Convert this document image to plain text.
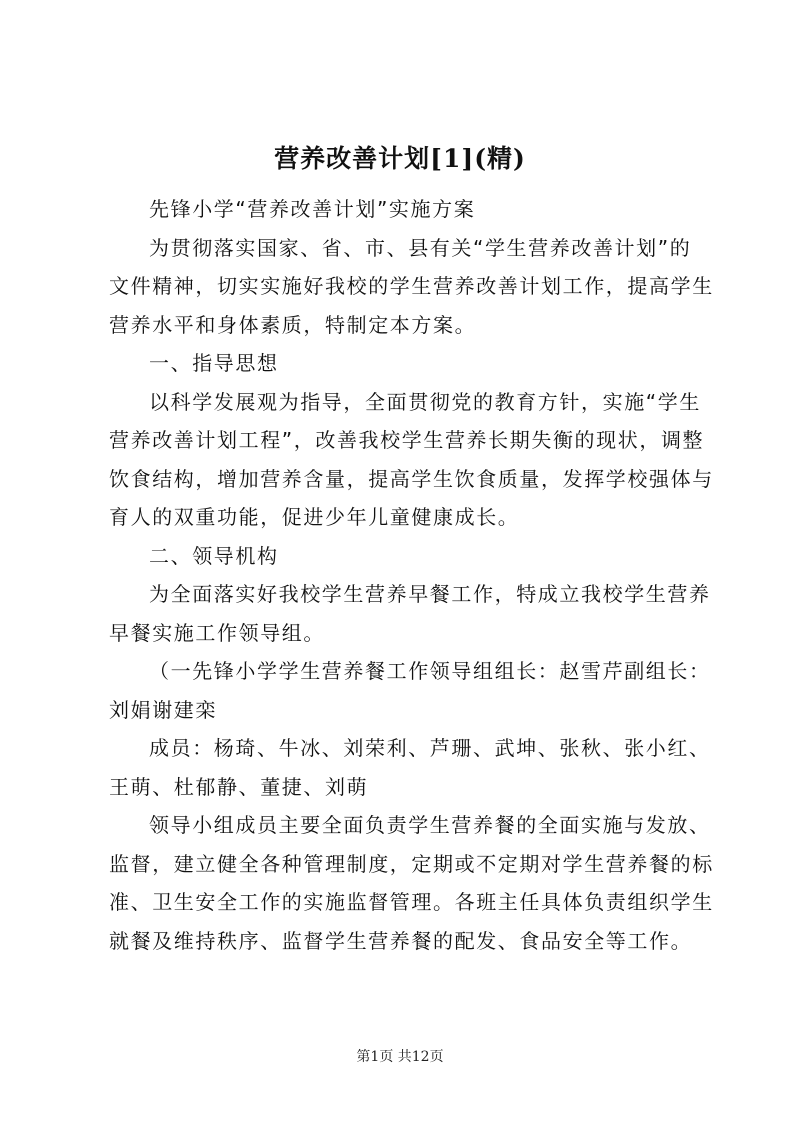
营养改善计划[1](精)
先锋小学“营养改善计划”实施方案
为贯彻落实国家、省、市、县有关“学生营养改善计划”的
文件精神，切实实施好我校的学生营养改善计划工作，提高学生
营养水平和身体素质，特制定本方案。
一、指导思想
以科学发展观为指导，全面贯彻党的教育方针，实施“学生
营养改善计划工程”，改善我校学生营养长期失衡的现状，调整
饮食结构，增加营养含量，提高学生饮食质量，发挥学校强体与
育人的双重功能，促进少年儿童健康成长。
二、领导机构
为全面落实好我校学生营养早餐工作，特成立我校学生营养
早餐实施工作领导组。
（一先锋小学学生营养餐工作领导组组长：赵雪芹副组长：
刘娟谢建栾
成员：杨琦、牛冰、刘荣利、芦珊、武坤、张秋、张小红、
王萌、杜郁静、董捷、刘萌
领导小组成员主要全面负责学生营养餐的全面实施与发放、
监督，建立健全各种管理制度，定期或不定期对学生营养餐的标
准、卫生安全工作的实施监督管理。各班主任具体负责组织学生
就餐及维持秩序、监督学生营养餐的配发、食品安全等工作。
第1页 共12页
